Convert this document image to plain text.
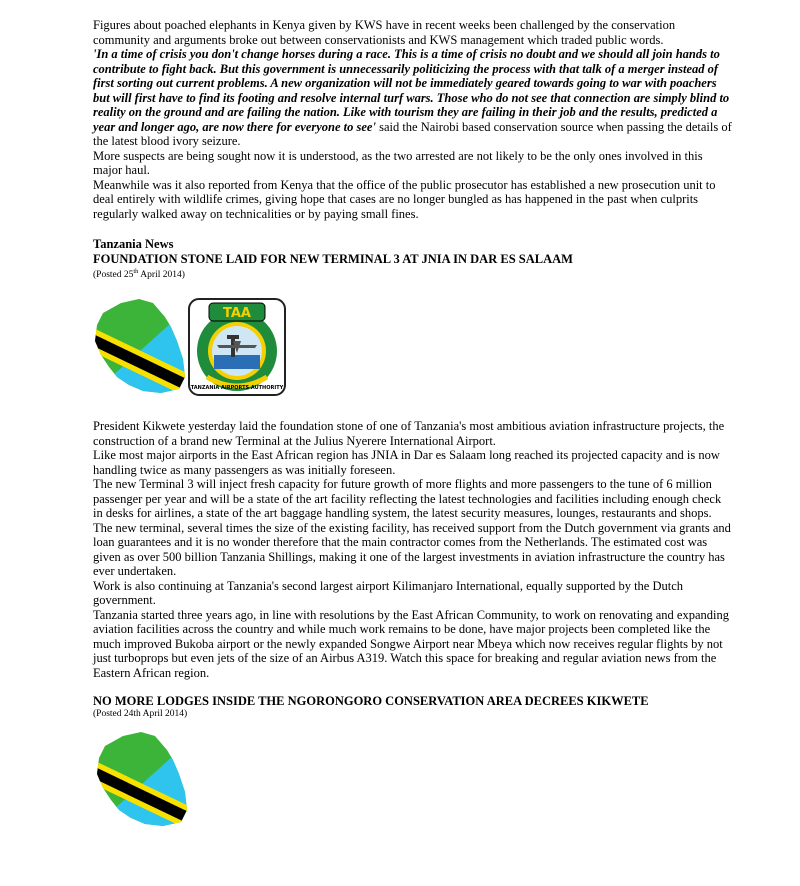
Figures about poached elephants in Kenya given by KWS have in recent weeks been challenged by the conservation community and arguments broke out between conservationists and KWS management which traded public words.

'In a time of crisis you don't change horses during a race. This is a time of crisis no doubt and we should all join hands to contribute to fight back. But this government is unnecessarily politicizing the process with that talk of a merger instead of first sorting out current problems. A new organization will not be immediately geared towards going to war with poachers but will first have to find its footing and resolve internal turf wars. Those who do not see that connection are simply blind to reality on the ground and are failing the nation. Like with tourism they are failing in their job and the results, predicted a year and longer ago, are now there for everyone to see' said the Nairobi based conservation source when passing the details of the latest blood ivory seizure.

More suspects are being sought now it is understood, as the two arrested are not likely to be the only ones involved in this major haul.

Meanwhile was it also reported from Kenya that the office of the public prosecutor has established a new prosecution unit to deal entirely with wildlife crimes, giving hope that cases are no longer bungled as has happened in the past when culprits regularly walked away on technicalities or by paying small fines.

Tanzania News
FOUNDATION STONE LAID FOR NEW TERMINAL 3 AT JNIA IN DAR ES SALAAM
(Posted 25th April 2014)
TAA
TANZANIA AIRPORTS AUTHORITY

President Kikwete yesterday laid the foundation stone of one of Tanzania's most ambitious aviation infrastructure projects, the construction of a brand new Terminal at the Julius Nyerere International Airport.

Like most major airports in the East African region has JNIA in Dar es Salaam long reached its projected capacity and is now handling twice as many passengers as was initially foreseen.

The new Terminal 3 will inject fresh capacity for future growth of more flights and more passengers to the tune of 6 million passenger per year and will be a state of the art facility reflecting the latest technologies and facilities including enough check in desks for airlines, a state of the art baggage handling system, the latest security measures, lounges, restaurants and shops. The new terminal, several times the size of the existing facility, has received support from the Dutch government via grants and loan guarantees and it is no wonder therefore that the main contractor comes from the Netherlands. The estimated cost was given as over 500 billion Tanzania Shillings, making it one of the largest investments in aviation infrastructure the country has ever undertaken.

Work is also continuing at Tanzania's second largest airport Kilimanjaro International, equally supported by the Dutch government.

Tanzania started three years ago, in line with resolutions by the East African Community, to work on renovating and expanding aviation facilities across the country and while much work remains to be done, have major projects been completed like the much improved Bukoba airport or the newly expanded Songwe Airport near Mbeya which now receives regular flights by not just turboprops but even jets of the size of an Airbus A319. Watch this space for breaking and regular aviation news from the Eastern African region.

NO MORE LODGES INSIDE THE NGORONGORO CONSERVATION AREA DECREES KIKWETE
(Posted 24th April 2014)
